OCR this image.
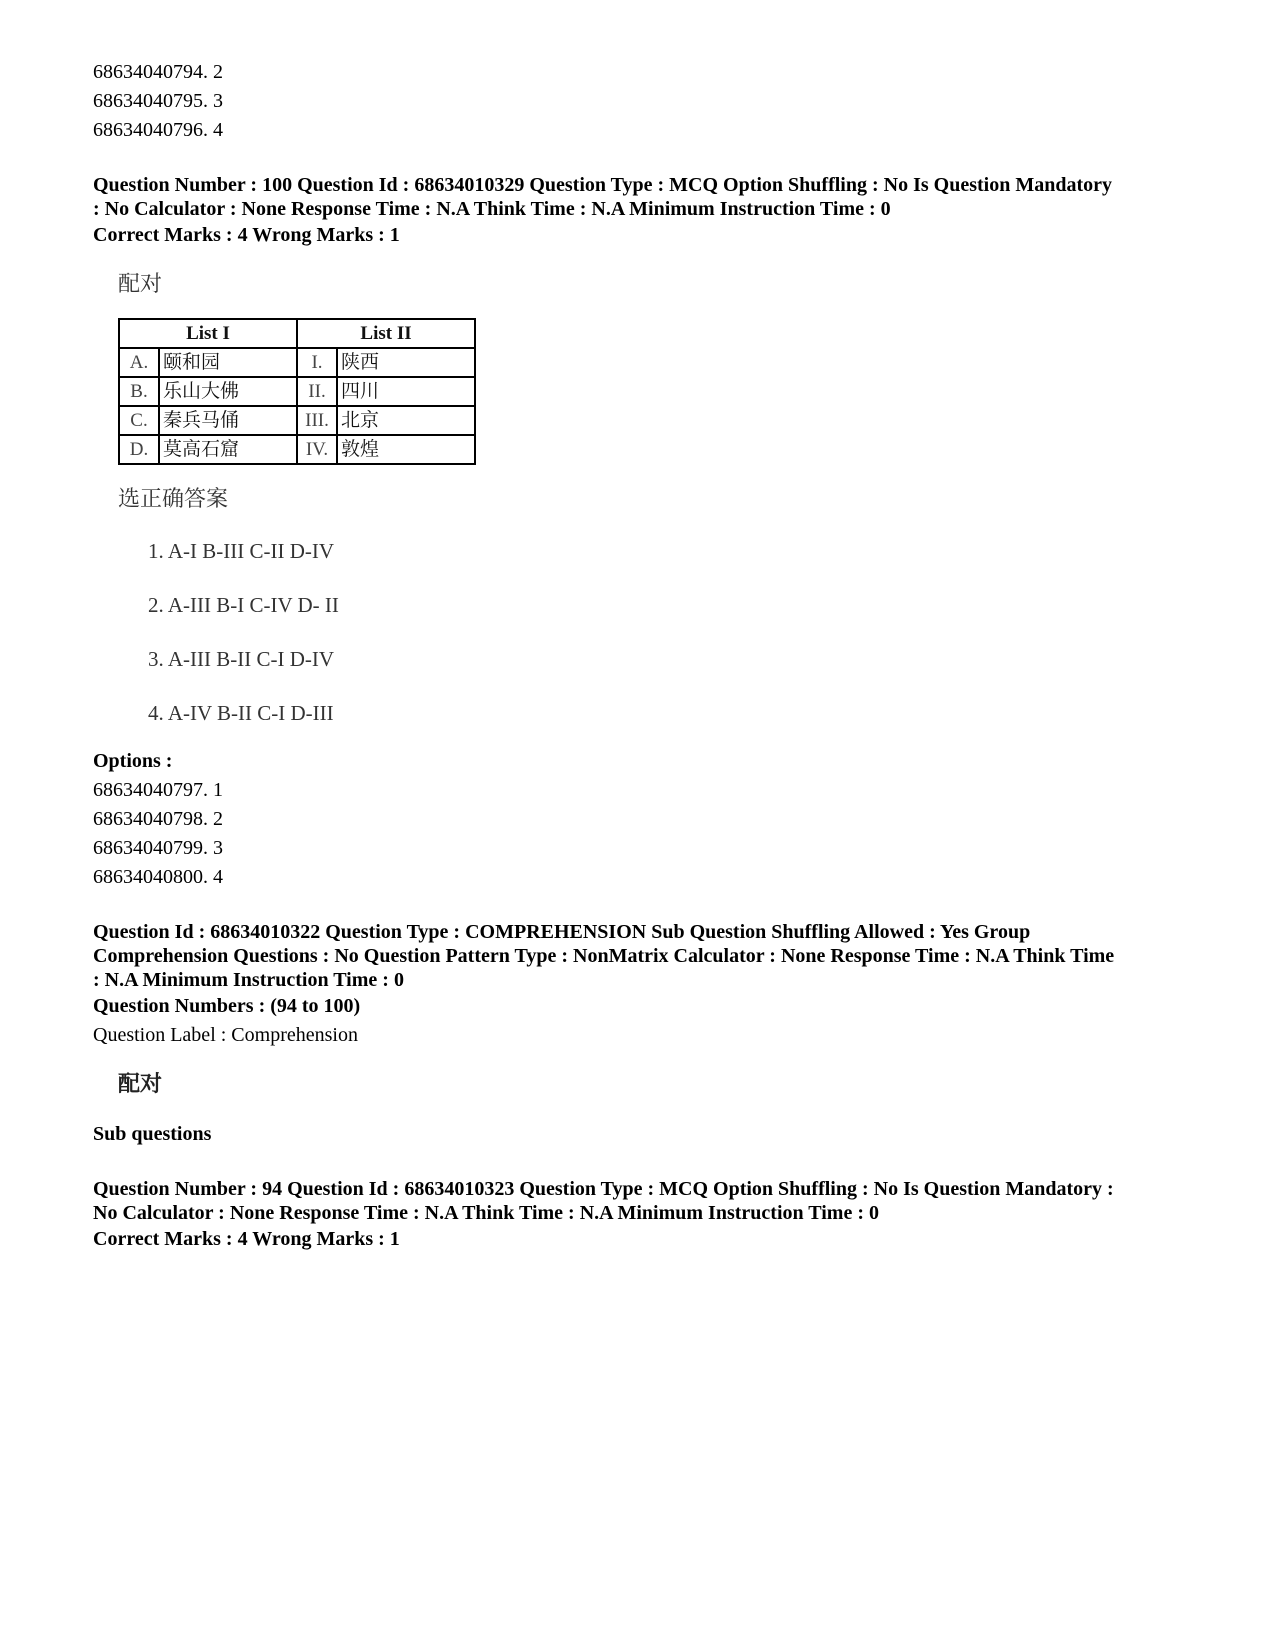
68634040794. 2
68634040795. 3
68634040796. 4
Question Number : 100 Question Id : 68634010329 Question Type : MCQ Option Shuffling : No Is Question Mandatory
: No Calculator : None Response Time : N.A Think Time : N.A Minimum Instruction Time : 0
Correct Marks : 4 Wrong Marks : 1
配对
List I		List II	
A.	颐和园	I.	陕西
B.	乐山大佛	II.	四川
C.	秦兵马俑	III.	北京
D.	莫高石窟	IV.	敦煌
选正确答案
1. A-I B-III C-II D-IV
2. A-III B-I C-IV D- II
3. A-III B-II C-I D-IV
4. A-IV B-II C-I D-III
Options :
68634040797. 1
68634040798. 2
68634040799. 3
68634040800. 4
Question Id : 68634010322 Question Type : COMPREHENSION Sub Question Shuffling Allowed : Yes Group
Comprehension Questions : No Question Pattern Type : NonMatrix Calculator : None Response Time : N.A Think Time
: N.A Minimum Instruction Time : 0
Question Numbers : (94 to 100)
Question Label : Comprehension
配对
Sub questions
Question Number : 94 Question Id : 68634010323 Question Type : MCQ Option Shuffling : No Is Question Mandatory :
No Calculator : None Response Time : N.A Think Time : N.A Minimum Instruction Time : 0
Correct Marks : 4 Wrong Marks : 1
